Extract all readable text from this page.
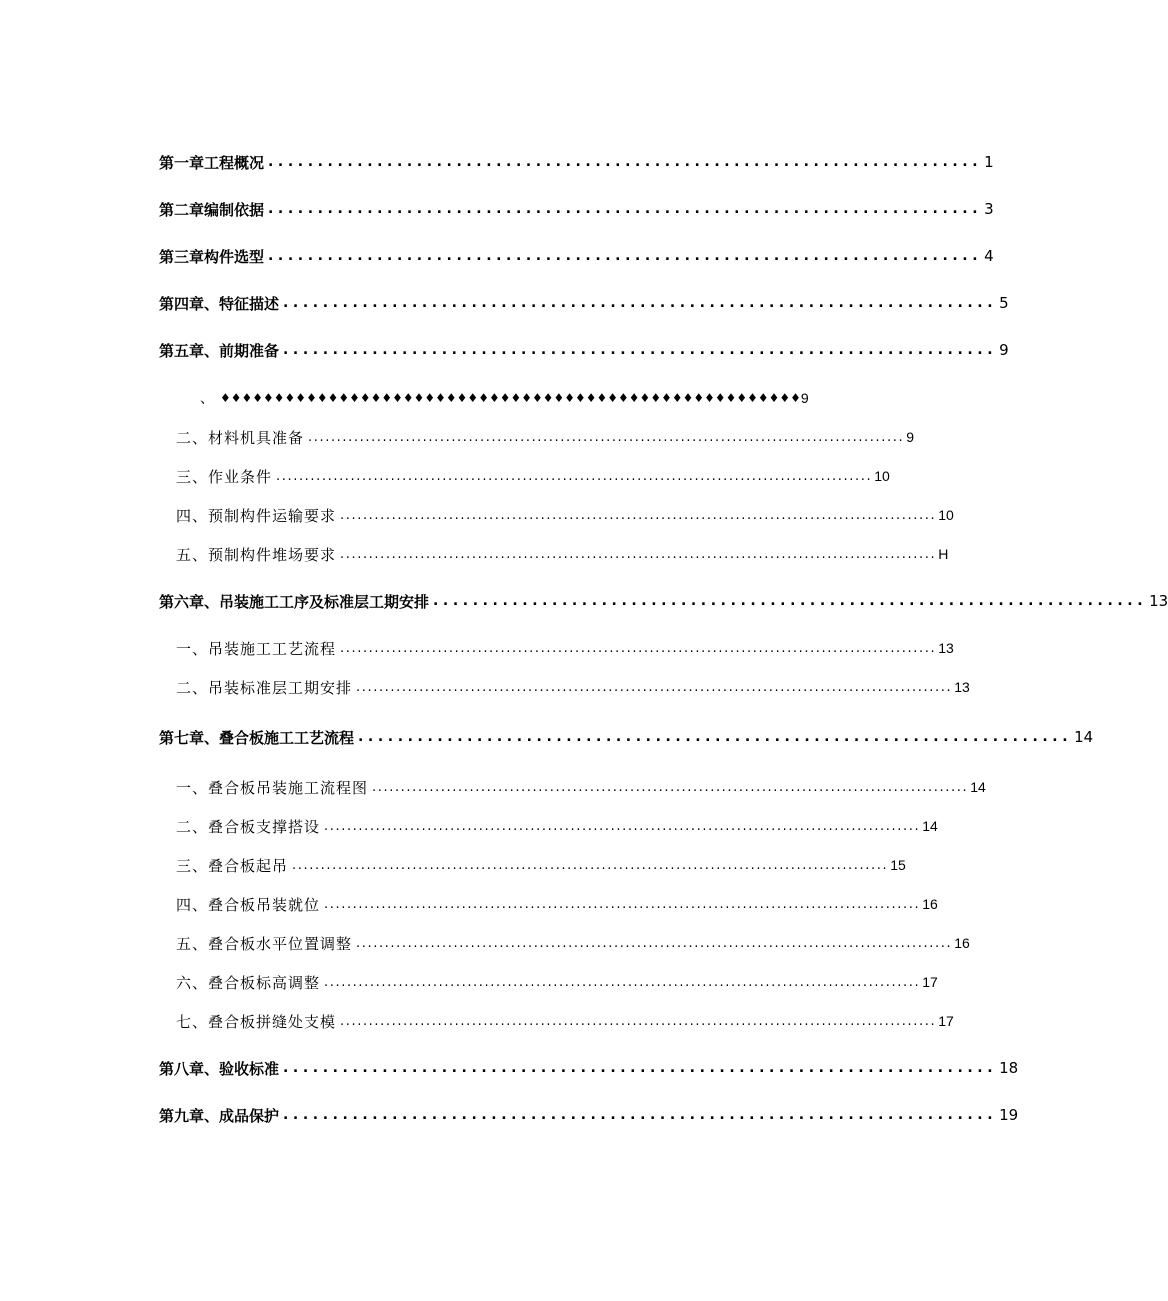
第一章工程概况 ........................................................................ 1
第二章编制依据 ........................................................................ 3
第三章构件选型 ........................................................................ 4
第四章、特征描述 ........................................................................ 5
第五章、前期准备 ........................................................................ 9
、 ♦♦♦♦♦♦♦♦♦♦♦♦♦♦♦♦♦♦♦♦♦♦♦♦♦♦♦♦♦♦♦♦♦♦♦♦♦♦♦♦♦♦♦♦♦♦♦♦♦♦♦♦♦♦ 9
二、材料机具准备 ........................................................................................................ 9
三、作业条件 ........................................................................................................ 10
四、预制构件运输要求 ........................................................................................................ 10
五、预制构件堆场要求 ........................................................................................................ H
第六章、吊装施工工序及标准层工期安排 ........................................................................ 13
一、吊装施工工艺流程 ........................................................................................................ 13
二、吊装标准层工期安排 ........................................................................................................ 13
第七章、叠合板施工工艺流程 ........................................................................ 14
一、叠合板吊装施工流程图 ........................................................................................................ 14
二、叠合板支撑搭设 ........................................................................................................ 14
三、叠合板起吊 ........................................................................................................ 15
四、叠合板吊装就位 ........................................................................................................ 16
五、叠合板水平位置调整 ........................................................................................................ 16
六、叠合板标高调整 ........................................................................................................ 17
七、叠合板拼缝处支模 ........................................................................................................ 17
第八章、验收标准 ........................................................................ 18
第九章、成品保护 ........................................................................ 19
